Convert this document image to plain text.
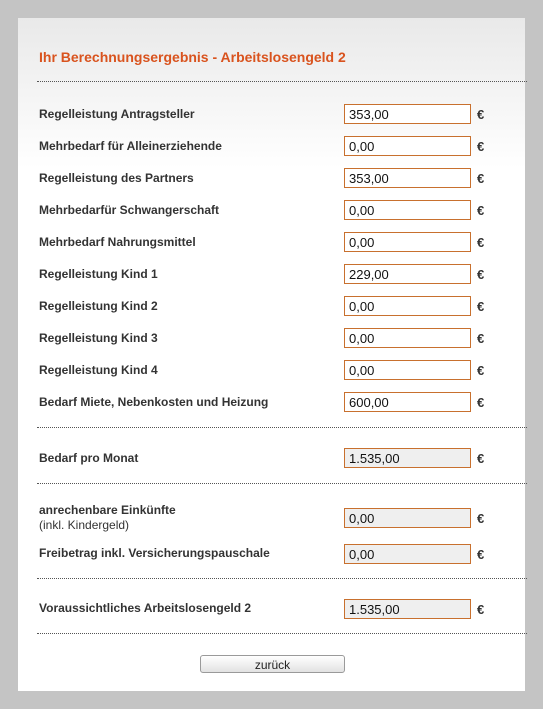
Ihr Berechnungsergebnis - Arbeitslosengeld 2
Regelleistung Antragsteller
353,00	€
Mehrbedarf für Alleinerziehende
0,00	€
Regelleistung des Partners
353,00	€
Mehrbedarfür Schwangerschaft
0,00	€
Mehrbedarf Nahrungsmittel
0,00	€
Regelleistung Kind 1
229,00	€
Regelleistung Kind 2
0,00	€
Regelleistung Kind 3
0,00	€
Regelleistung Kind 4
0,00	€
Bedarf Miete, Nebenkosten und Heizung
600,00	€
Bedarf pro Monat
1.535,00	€
anrechenbare Einkünfte
(inkl. Kindergeld)
0,00	€
Freibetrag inkl. Versicherungspauschale
0,00	€
Voraussichtliches Arbeitslosengeld 2
1.535,00	€
zurück
